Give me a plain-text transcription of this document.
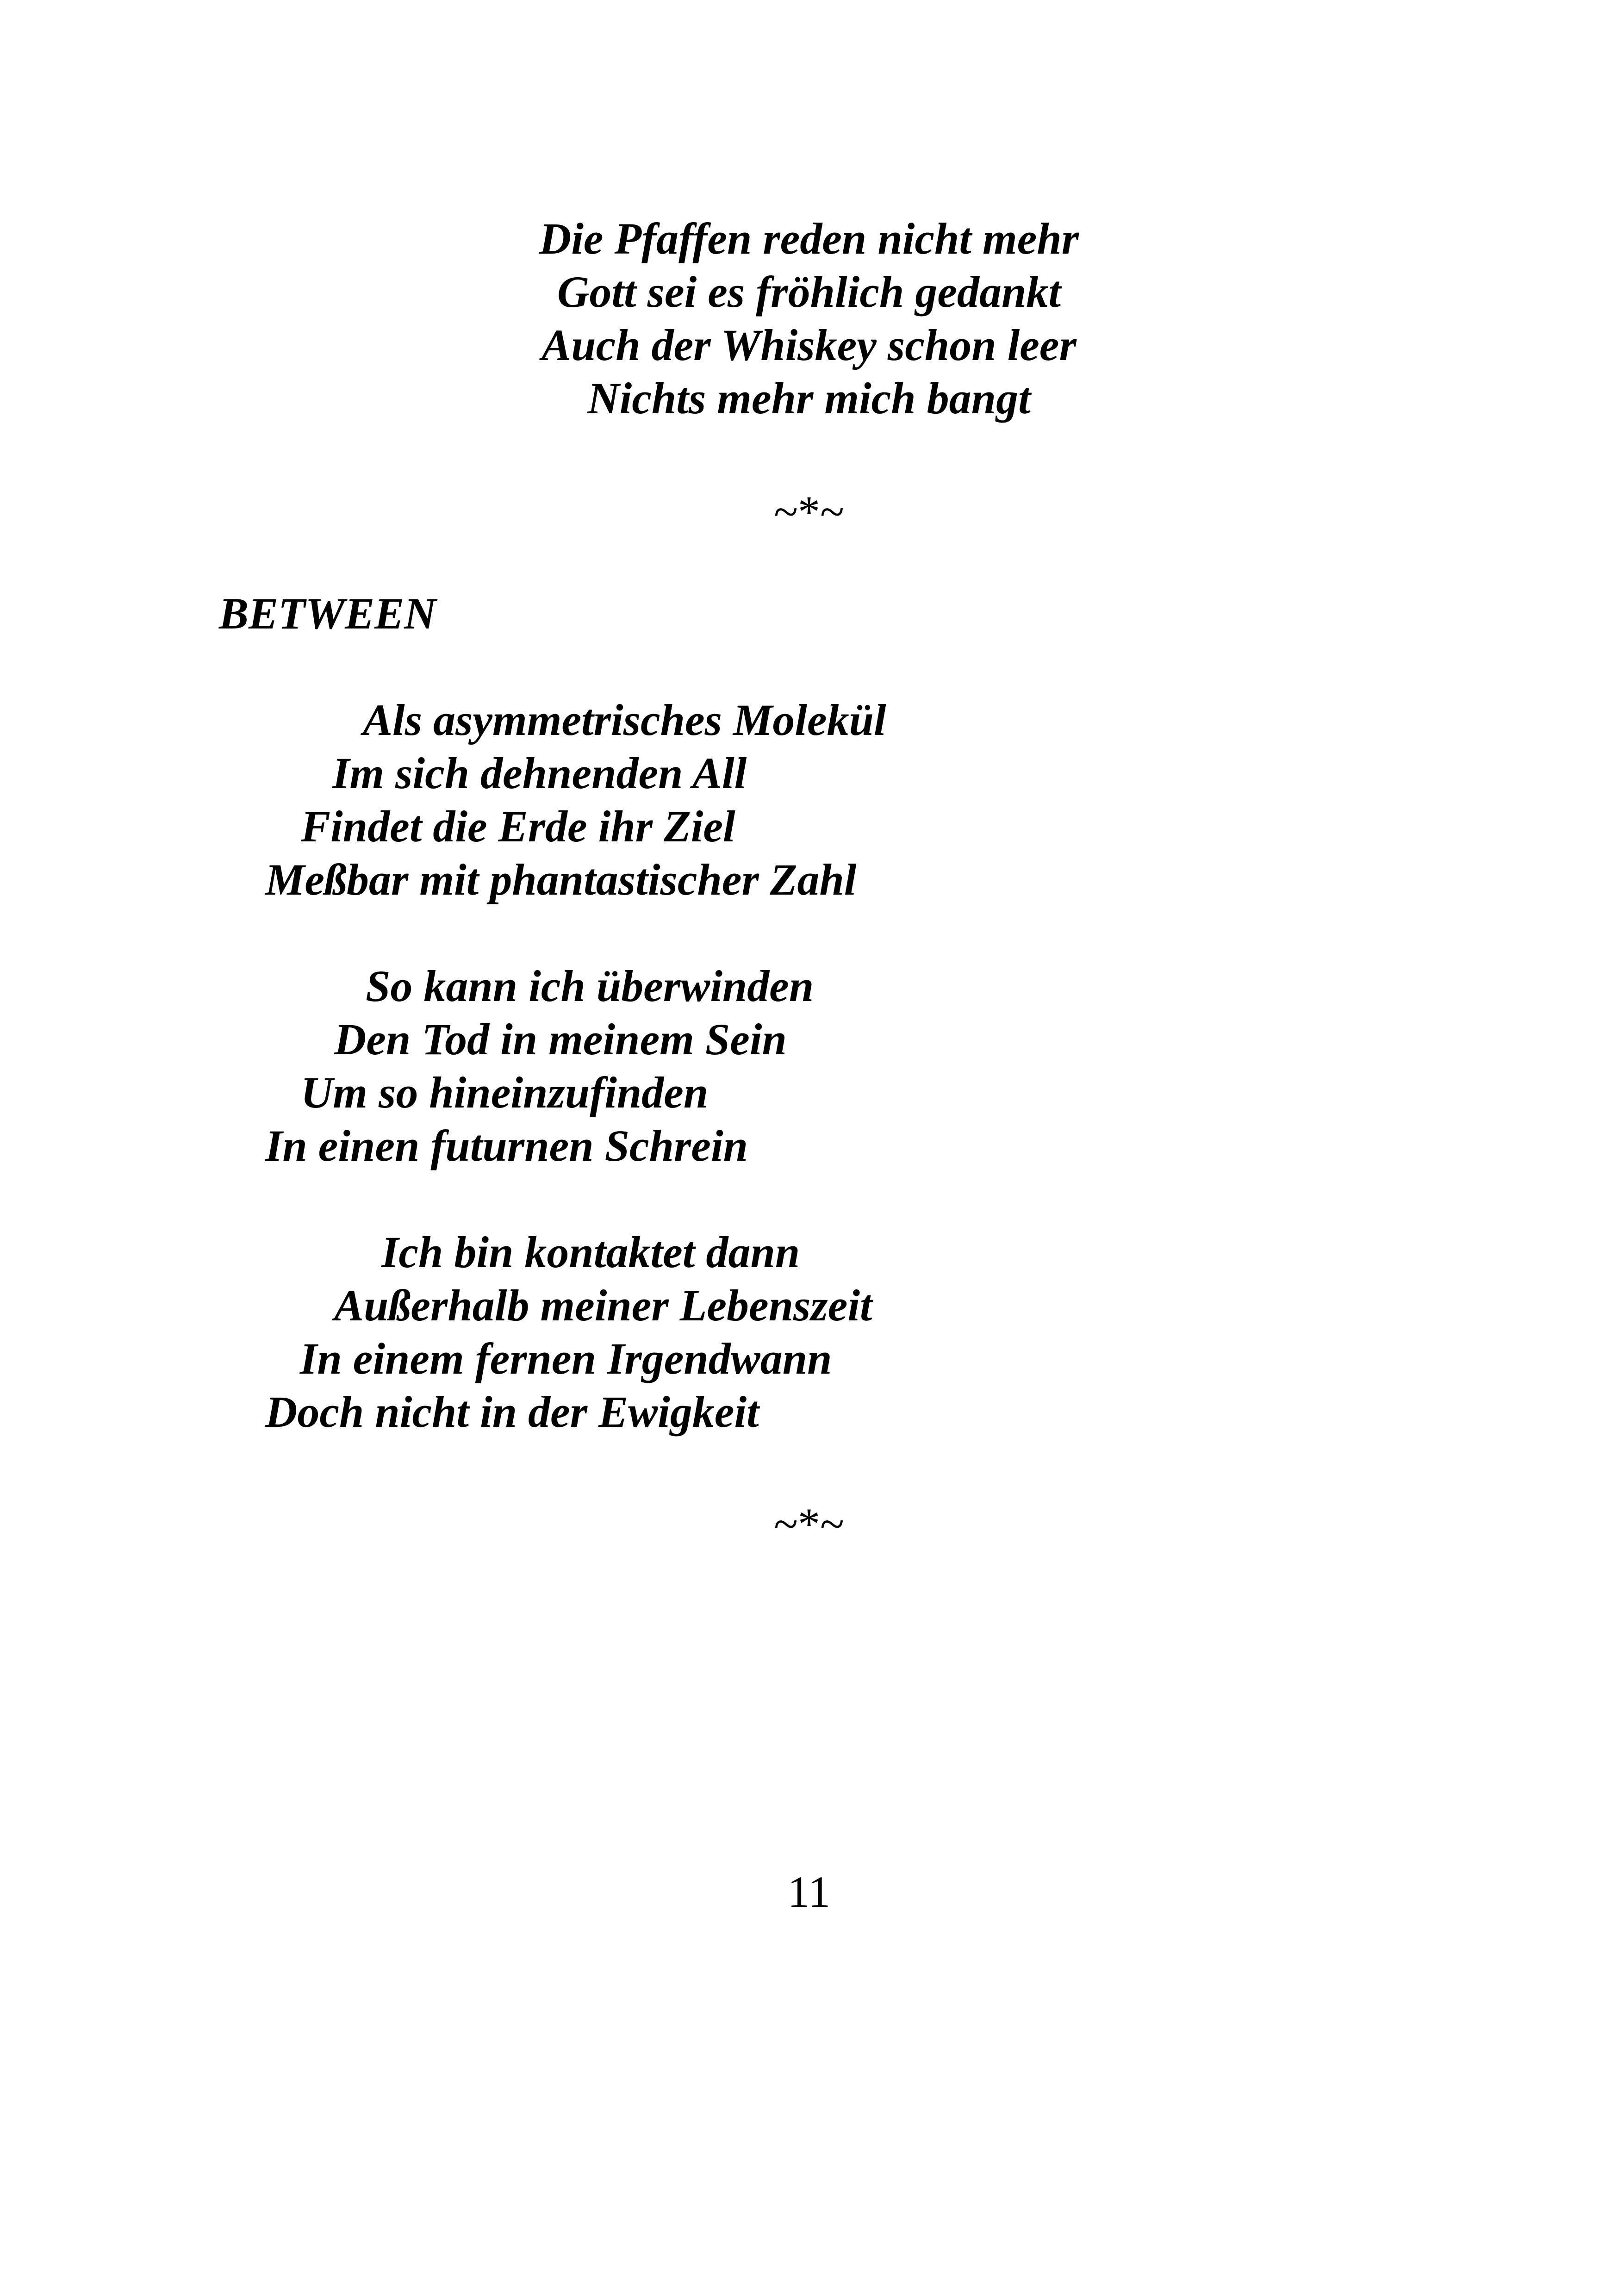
Die Pfaffen reden nicht mehr
Gott sei es fröhlich gedankt
Auch der Whiskey schon leer
Nichts mehr mich bangt
~*~
BETWEEN
Als asymmetrisches Molekül
Im sich dehnenden All
Findet die Erde ihr Ziel
Meßbar mit phantastischer Zahl
So kann ich überwinden
Den Tod in meinem Sein
Um so hineinzufinden
In einen futurnen Schrein
Ich bin kontaktet dann
Außerhalb meiner Lebenszeit
In einem fernen Irgendwann
Doch nicht in der Ewigkeit
~*~
11
